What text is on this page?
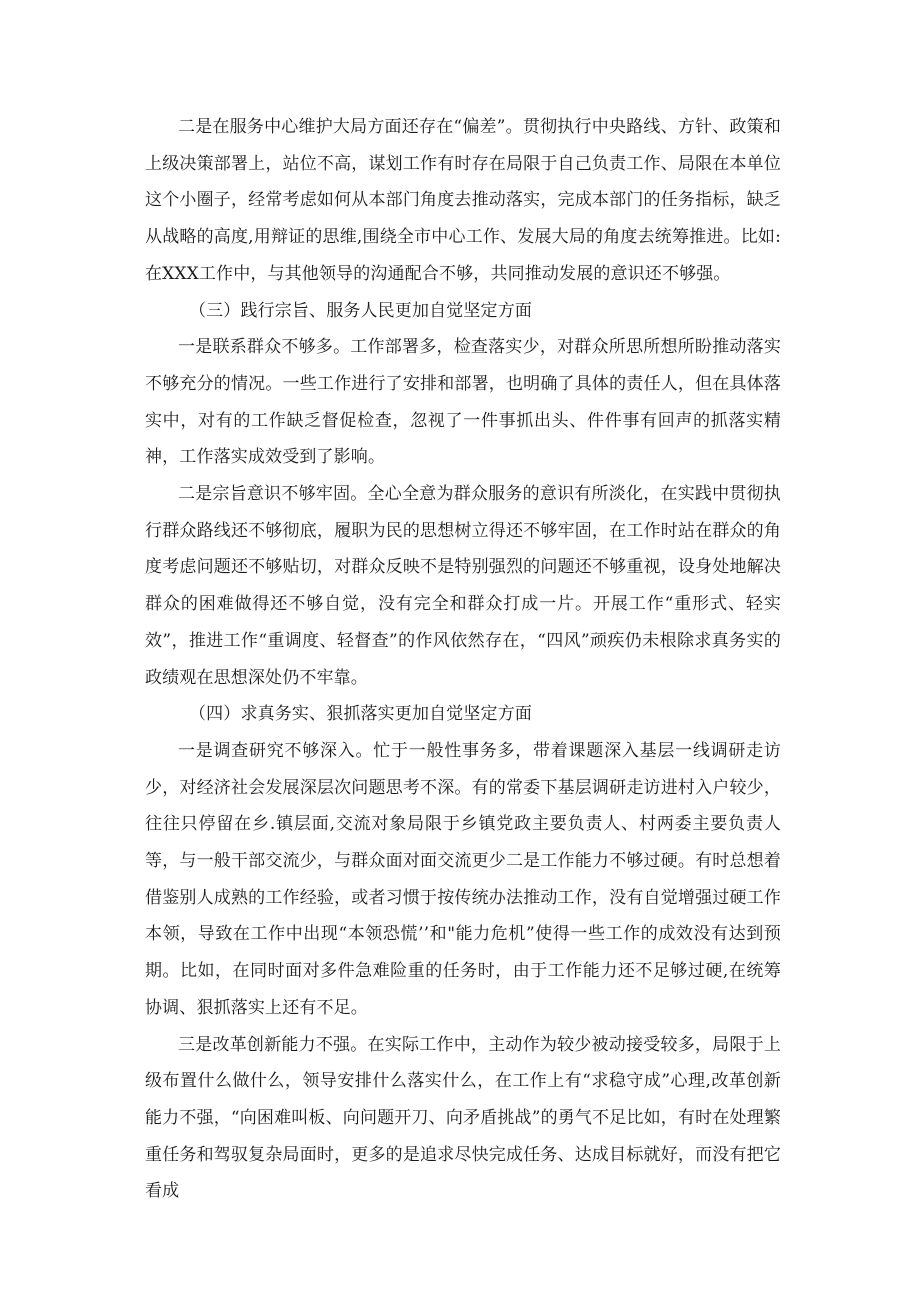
二是在服务中心维护大局方面还存在“偏差”。贯彻执行中央路线、方针、政策和上级决策部署上，站位不高，谋划工作有时存在局限于自己负责工作、局限在本单位这个小圈子，经常考虑如何从本部门角度去推动落实，完成本部门的任务指标，缺乏从战略的高度,用辩证的思维,围绕全市中心工作、发展大局的角度去统筹推进。比如:在XXX工作中，与其他领导的沟通配合不够，共同推动发展的意识还不够强。

（三）践行宗旨、服务人民更加自觉坚定方面

一是联系群众不够多。工作部署多，检查落实少，对群众所思所想所盼推动落实不够充分的情况。一些工作进行了安排和部署，也明确了具体的责任人，但在具体落实中，对有的工作缺乏督促检查，忽视了一件事抓出头、件件事有回声的抓落实精神，工作落实成效受到了影响。

二是宗旨意识不够牢固。全心全意为群众服务的意识有所淡化，在实践中贯彻执行群众路线还不够彻底，履职为民的思想树立得还不够牢固，在工作时站在群众的角度考虑问题还不够贴切，对群众反映不是特别强烈的问题还不够重视，设身处地解决群众的困难做得还不够自觉，没有完全和群众打成一片。开展工作“重形式、轻实效”，推进工作“重调度、轻督查”的作风依然存在，“四风”顽疾仍未根除求真务实的政绩观在思想深处仍不牢靠。

（四）求真务实、狠抓落实更加自觉坚定方面

一是调查研究不够深入。忙于一般性事务多，带着课题深入基层一线调研走访少，对经济社会发展深层次问题思考不深。有的常委下基层调研走访进村入户较少，往往只停留在乡.镇层面,交流对象局限于乡镇党政主要负责人、村两委主要负责人等，与一般干部交流少，与群众面对面交流更少二是工作能力不够过硬。有时总想着借鉴别人成熟的工作经验，或者习惯于按传统办法推动工作，没有自觉增强过硬工作本领，导致在工作中出现“本领恐慌’’和"能力危机”使得一些工作的成效没有达到预期。比如，在同时面对多件急难险重的任务时，由于工作能力还不足够过硬,在统筹协调、狠抓落实上还有不足。

三是改革创新能力不强。在实际工作中，主动作为较少被动接受较多，局限于上级布置什么做什么，领导安排什么落实什么，在工作上有“求稳守成”心理,改革创新能力不强，“向困难叫板、向问题开刀、向矛盾挑战”的勇气不足比如，有时在处理繁重任务和驾驭复杂局面时，更多的是追求尽快完成任务、达成目标就好，而没有把它看成
